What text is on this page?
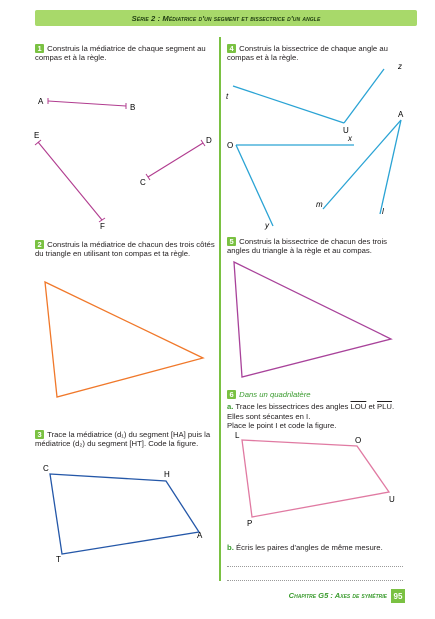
Série 2 : Médiatrice d'un segment et bissectrice d'un angle
1 Construis la médiatrice de chaque segment au compas et à la règle.
A
B
E
F
D
C
2 Construis la médiatrice de chacun des trois côtés du triangle en utilisant ton compas et ta règle.
3 Trace la médiatrice (d₁) du segment [HA] puis la médiatrice (d₂) du segment [HT]. Code la figure.
C
H
A
T
4 Construis la bissectrice de chaque angle au compas et à la règle.
z
t
U
A
O
x
m
l
y
5 Construis la bissectrice de chacun des trois angles du triangle à la règle et au compas.
6 Dans un quadrilatère
a. Trace les bissectrices des angles $\overline{LOU}$ et $\overline{PLU}$.
Elles sont sécantes en I.
Place le point I et code la figure.
L
O
U
P
b. Écris les paires d'angles de même mesure.
Chapitre G5 : Axes de symétrie 95
